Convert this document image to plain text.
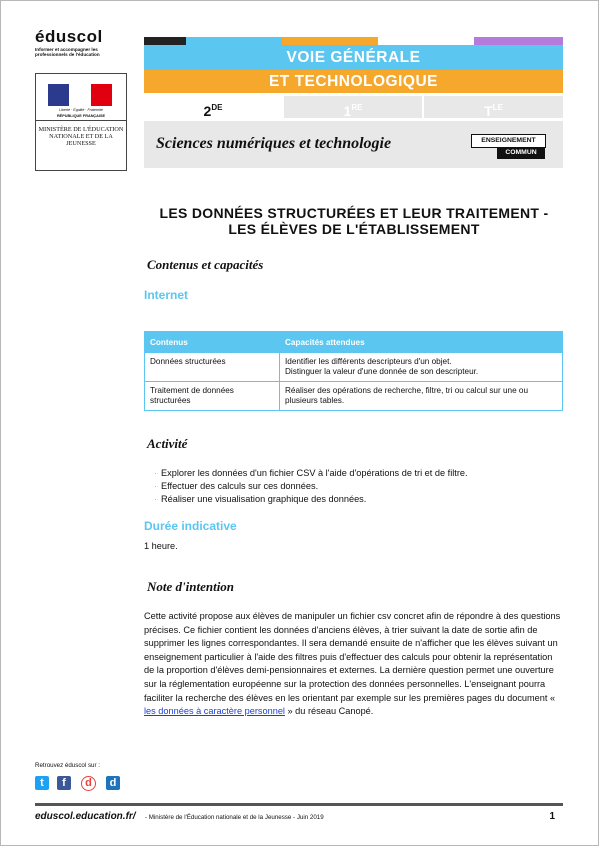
éduscol
Informer et accompagner les professionnels de l'éducation
Liberté · Égalité · Fraternité
RÉPUBLIQUE FRANÇAISE
MINISTÈRE DE L'ÉDUCATION NATIONALE ET DE LA JEUNESSE
VOIE GÉNÉRALE
ET TECHNOLOGIQUE
2DE	1RE	$T^{LE}$
Sciences numériques et technologie	ENSEIGNEMENT
COMMUN
LES DONNÉES STRUCTURÉES ET LEUR TRAITEMENT -
LES ÉLÈVES DE L'ÉTABLISSEMENT
Contenus et capacités
Internet
Contenus	Capacités attendues
Données structurées	Identifier les différents descripteurs d'un objet.
Distinguer la valeur d'une donnée de son descripteur.

Traitement de données structurées	Réaliser des opérations de recherche, filtre, tri ou calcul sur une ou plusieurs tables.
Activité
· Explorer les données d'un fichier CSV à l'aide d'opérations de tri et de filtre.
· Effectuer des calculs sur ces données.
· Réaliser une visualisation graphique des données.
Durée indicative
1 heure.
Note d'intention
Cette activité propose aux élèves de manipuler un fichier csv concret afin de répondre à des questions précises. Ce fichier contient les données d'anciens élèves, à trier suivant la date de sortie afin de supprimer les lignes correspondantes. Il sera demandé ensuite de n'afficher que les élèves suivant un enseignement particulier à l'aide des filtres puis d'effectuer des calculs pour obtenir la représentation de la proportion d'élèves demi-pensionnaires et externes. La dernière question permet une ouverture sur la réglementation européenne sur la protection des données personnelles. L'enseignant pourra faciliter la recherche des élèves en les orientant par exemple sur les premières pages du document « les données à caractère personnel » du réseau Canopé.
Retrouvez éduscol sur :
t	f	d	d
eduscol.education.fr/ - Ministère de l'Éducation nationale et de la Jeunesse - Juin 2019	1
